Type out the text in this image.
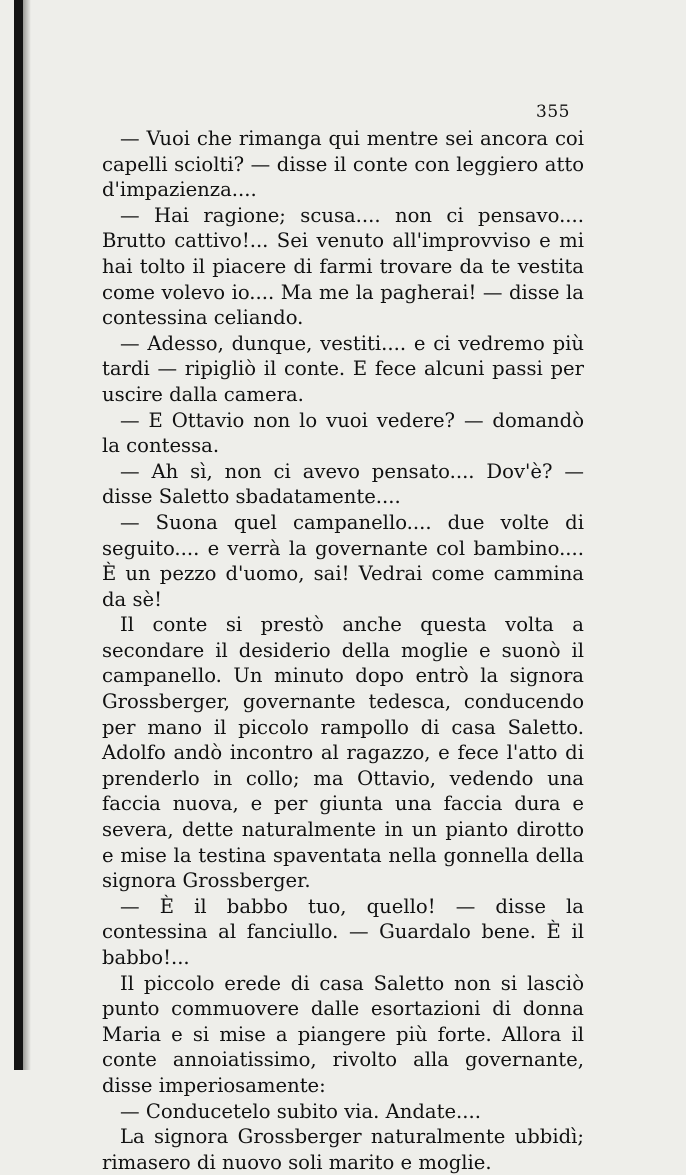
355

— Vuoi che rimanga qui mentre sei ancora coi capelli sciolti? — disse il conte con leggiero atto d'impazienza....

— Hai ragione; scusa.... non ci pensavo.... Brutto cattivo!... Sei venuto all'improvviso e mi hai tolto il piacere di farmi trovare da te vestita come volevo io.... Ma me la pagherai! — disse la contessina celiando.

— Adesso, dunque, vestiti.... e ci vedremo più tardi — ripigliò il conte. E fece alcuni passi per uscire dalla camera.

— E Ottavio non lo vuoi vedere? — domandò la contessa.

— Ah sì, non ci avevo pensato.... Dov'è? — disse Saletto sbadatamente....

— Suona quel campanello.... due volte di seguito.... e verrà la governante col bambino.... È un pezzo d'uomo, sai! Vedrai come cammina da sè!

Il conte si prestò anche questa volta a secondare il desiderio della moglie e suonò il campanello. Un minuto dopo entrò la signora Grossberger, governante tedesca, conducendo per mano il piccolo rampollo di casa Saletto. Adolfo andò incontro al ragazzo, e fece l'atto di prenderlo in collo; ma Ottavio, vedendo una faccia nuova, e per giunta una faccia dura e severa, dette naturalmente in un pianto dirotto e mise la testina spaventata nella gonnella della signora Grossberger.

— È il babbo tuo, quello! — disse la contessina al fanciullo. — Guardalo bene. È il babbo!...

Il piccolo erede di casa Saletto non si lasciò punto commuovere dalle esortazioni di donna Maria e si mise a piangere più forte. Allora il conte annoiatissimo, rivolto alla governante, disse imperiosamente:

— Conducetelo subito via. Andate....

La signora Grossberger naturalmente ubbidì; rimasero di nuovo soli marito e moglie.
